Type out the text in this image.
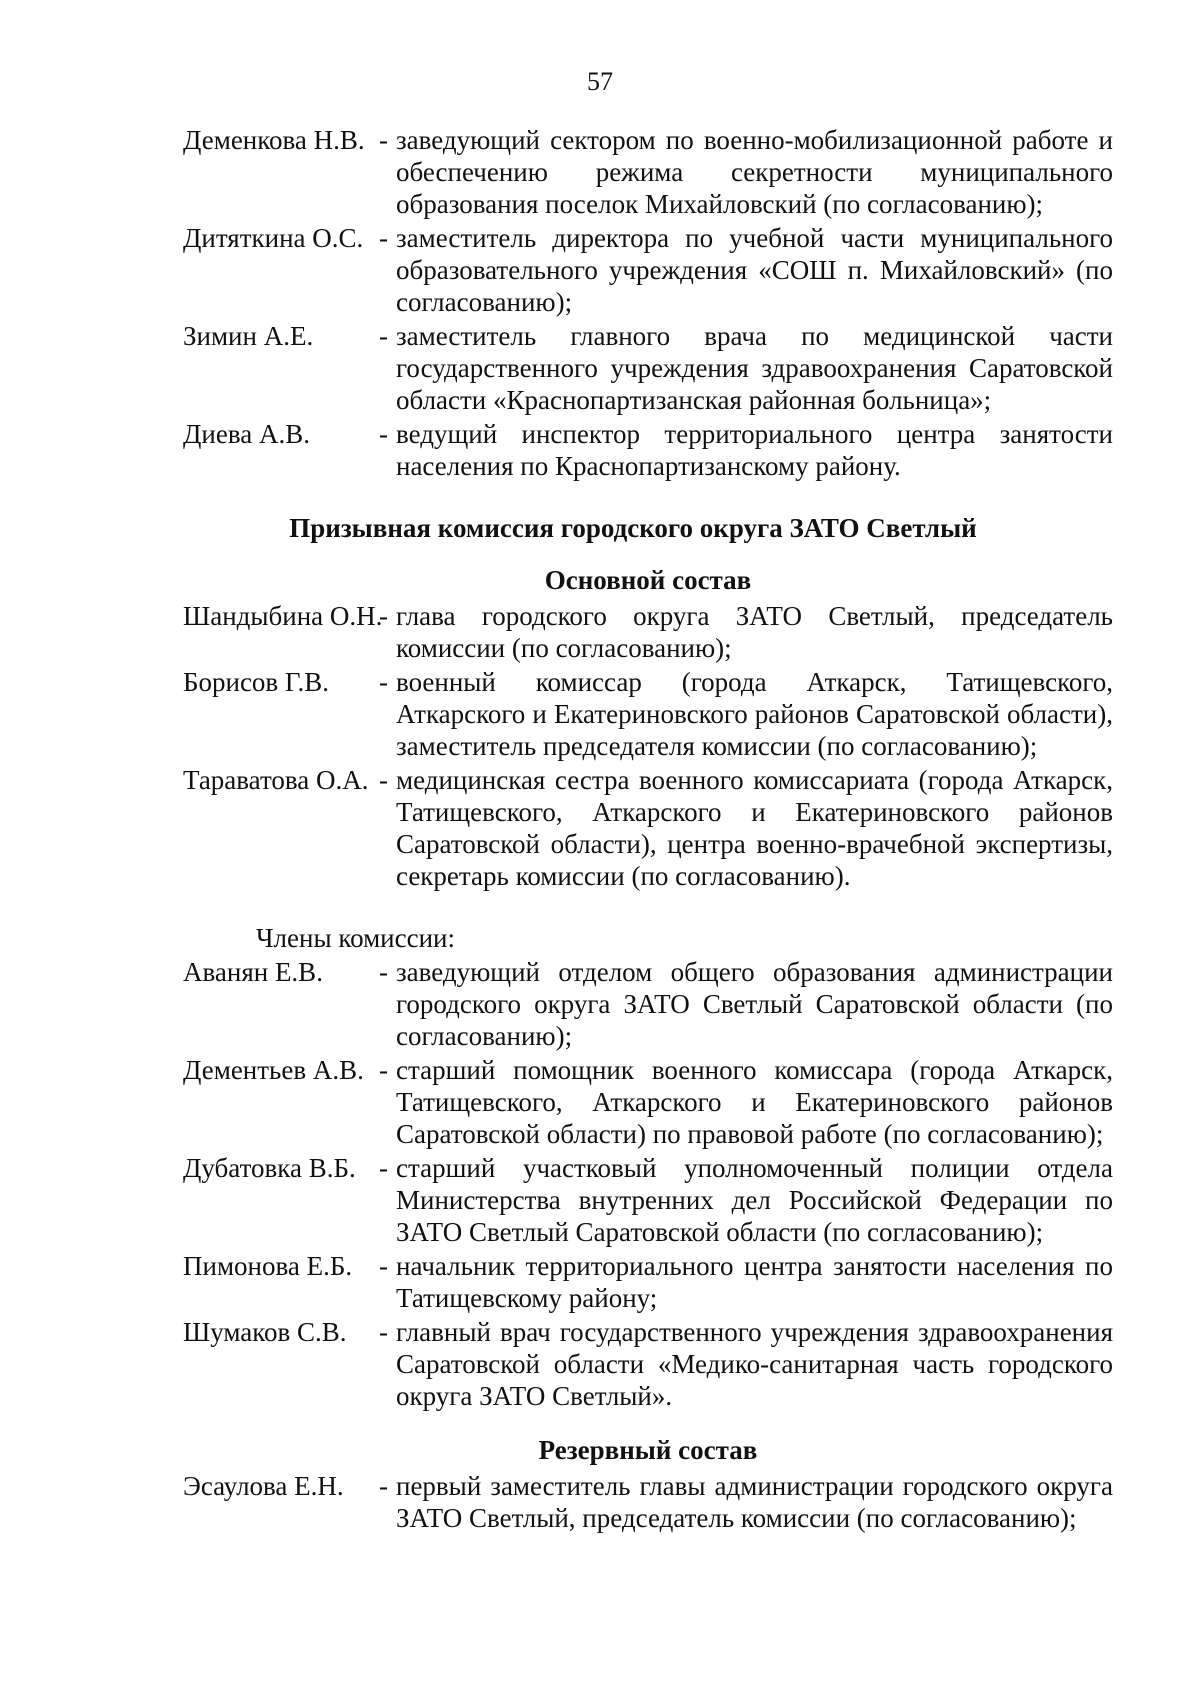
57
Деменкова Н.В.	- заведующий сектором по военно-мобилизационной работе и обеспечению режима секретности муниципального образования поселок Михайловский (по согласованию);
Дитяткина О.С.	- заместитель директора по учебной части муниципального образовательного учреждения «СОШ п. Михайловский» (по согласованию);
Зимин А.Е.	- заместитель главного врача по медицинской части государственного учреждения здравоохранения Саратовской области «Краснопартизанская районная больница»;
Диева А.В.	- ведущий инспектор территориального центра занятости населения по Краснопартизанскому району.
Призывная комиссия городского округа ЗАТО Светлый
Основной состав
Шандыбина О.Н. - глава городского округа ЗАТО Светлый, председатель комиссии (по согласованию);
Борисов Г.В.	- военный комиссар (города Аткарск, Татищевского, Аткарского и Екатериновского районов Саратовской области), заместитель председателя комиссии (по согласованию);
Тараватова О.А.	- медицинская сестра военного комиссариата (города Аткарск, Татищевского, Аткарского и Екатериновского районов Саратовской области), центра военно-врачебной экспертизы, секретарь комиссии (по согласованию).
Члены комиссии:
Аванян Е.В.	- заведующий отделом общего образования администрации городского округа ЗАТО Светлый Саратовской области (по согласованию);
Дементьев А.В.	- старший помощник военного комиссара (города Аткарск, Татищевского, Аткарского и Екатериновского районов Саратовской области) по правовой работе (по согласованию);
Дубатовка В.Б.	- старший участковый уполномоченный полиции отдела Министерства внутренних дел Российской Федерации по ЗАТО Светлый Саратовской области (по согласованию);
Пимонова Е.Б.	- начальник территориального центра занятости населения по Татищевскому району;
Шумаков С.В.	- главный врач государственного учреждения здравоохранения Саратовской области «Медико-санитарная часть городского округа ЗАТО Светлый».
Резервный состав
Эсаулова Е.Н.	- первый заместитель главы администрации городского округа ЗАТО Светлый, председатель комиссии (по согласованию);
